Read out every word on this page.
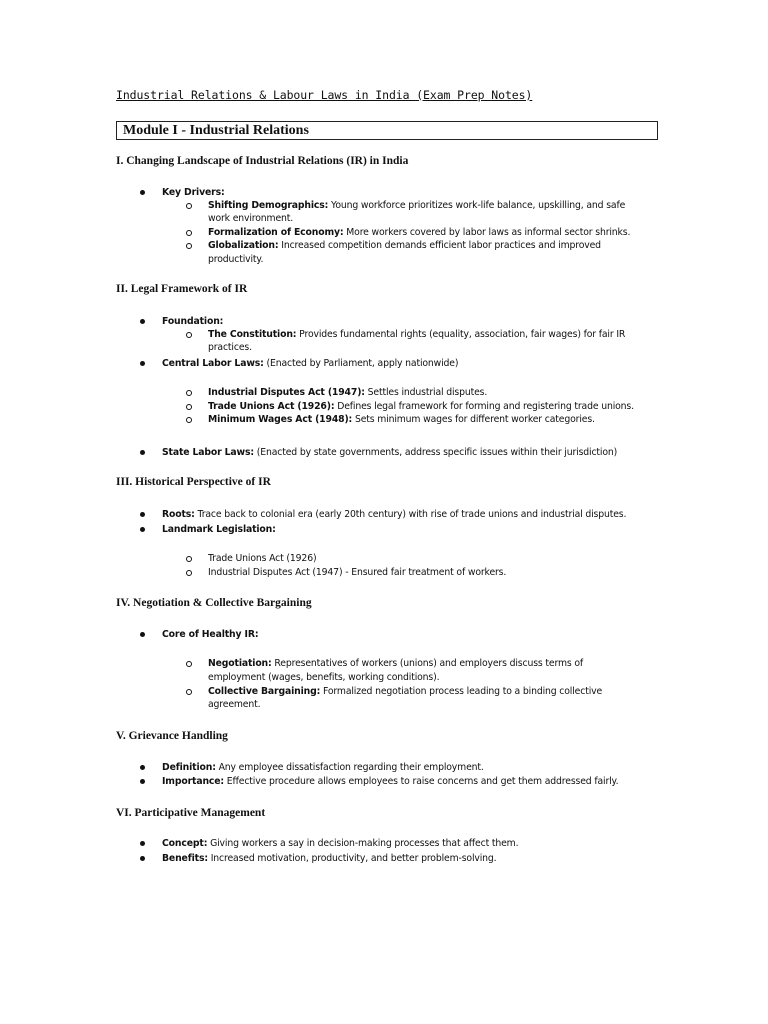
Industrial Relations & Labour Laws in India (Exam Prep Notes)
Module I - Industrial Relations
I. Changing Landscape of Industrial Relations (IR) in India
Key Drivers:
Shifting Demographics: Young workforce prioritizes work-life balance, upskilling, and safe
work environment.
Formalization of Economy: More workers covered by labor laws as informal sector shrinks.
Globalization: Increased competition demands efficient labor practices and improved
productivity.
II. Legal Framework of IR
Foundation:
The Constitution: Provides fundamental rights (equality, association, fair wages) for fair IR
practices.
Central Labor Laws: (Enacted by Parliament, apply nationwide)
Industrial Disputes Act (1947): Settles industrial disputes.
Trade Unions Act (1926): Defines legal framework for forming and registering trade unions.
Minimum Wages Act (1948): Sets minimum wages for different worker categories.
State Labor Laws: (Enacted by state governments, address specific issues within their jurisdiction)
III. Historical Perspective of IR
Roots: Trace back to colonial era (early 20th century) with rise of trade unions and industrial disputes.
Landmark Legislation:
Trade Unions Act (1926)
Industrial Disputes Act (1947) - Ensured fair treatment of workers.
IV. Negotiation & Collective Bargaining
Core of Healthy IR:
Negotiation: Representatives of workers (unions) and employers discuss terms of
employment (wages, benefits, working conditions).
Collective Bargaining: Formalized negotiation process leading to a binding collective
agreement.
V. Grievance Handling
Definition: Any employee dissatisfaction regarding their employment.
Importance: Effective procedure allows employees to raise concerns and get them addressed fairly.
VI. Participative Management
Concept: Giving workers a say in decision-making processes that affect them.
Benefits: Increased motivation, productivity, and better problem-solving.
